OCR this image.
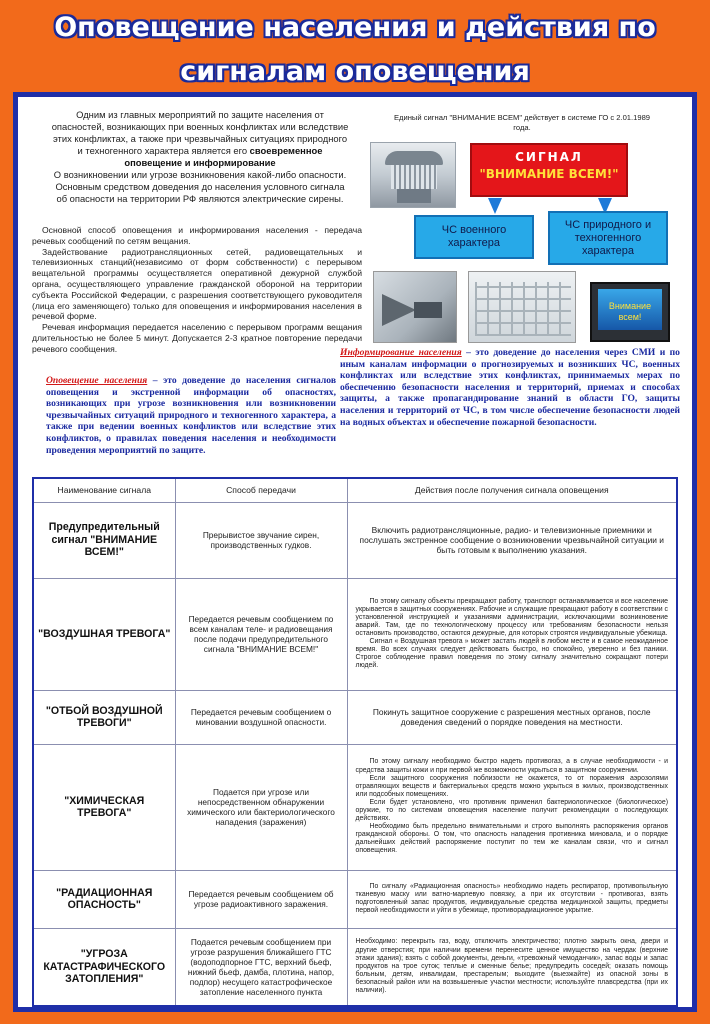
Оповещение населения и действия по
сигналам оповещения
Одним из главных мероприятий по защите населения от опасностей, возникающих при военных конфликтах или вследствие этих конфликтах, а также при чрезвычайных ситуациях природного и техногенного характера является его своевременное оповещение и информирование
О возникновении или угрозе возникновения какой-либо опасности. Основным средством доведения до населения условного сигнала об опасности на территории РФ являются электрические сирены.

Основной способ оповещения и информирования населения - передача речевых сообщений по сетям вещания.

Задействование радиотрансляционных сетей, радиовещательных и телевизионных станций(независимо от форм собственности) с перерывом вещательной программы осуществляется оперативной дежурной службой органа, осуществляющего управление гражданской обороной на территории субъекта Российской Федерации, с разрешения соответствующего руководителя (лица его заменяющего) только для оповещения и информирования населения в речевой форме.

Речевая информация передается населению с перерывом программ вещания длительностью не более 5 минут. Допускается 2-3 кратное повторение передачи речевого сообщения.

Единый сигнал "ВНИМАНИЕ ВСЕМ" действует в системе ГО с 2.01.1989 года.
СИГНАЛ
"ВНИМАНИЕ ВСЕМ!"
ЧС военного характера
ЧС природного и техногенного характера
Внимание всем!
Оповещение населения – это доведение до населения сигналов оповещения и экстренной информации об опасностях, возникающих при угрозе возникновения или возникновении чрезвычайных ситуаций природного и техногенного характера, а также при ведении военных конфликтов или вследствие этих конфликтов, о правилах поведения населения и необходимости проведения мероприятий по защите.
Информирование населения – это доведение до населения через СМИ и по иным каналам информации о прогнозируемых и возникших ЧС, военных конфликтах или вследствие этих конфликтах, принимаемых мерах по обеспечению безопасности населения и территорий, приемах и способах защиты, а также пропагандирование знаний в области ГО, защиты населения и территорий от ЧС, в том числе обеспечение безопасности людей на водных объектах и обеспечение пожарной безопасности.
Наименование сигнала	Способ передачи	Действия после получения сигнала оповещения
Предупредительный сигнал "ВНИМАНИЕ ВСЕМ!"	Прерывистое звучание сирен, производственных гудков.	Включить радиотрансляционные, радио- и телевизионные приемники и послушать экстренное сообщение о возникновении чрезвычайной ситуации и быть готовым к выполнению указания.

"ВОЗДУШНАЯ ТРЕВОГА"	Передается речевым сообщением по всем каналам теле- и радиовещания после подачи предупредительного сигнала "ВНИМАНИЕ ВСЕМ!"	По этому сигналу объекты прекращают работу, транспорт останавливается и все население укрывается в защитных сооружениях. Рабочие и служащие прекращают работу в соответствии с установленной инструкцией и указаниями администрации, исключающими возникновение аварий. Там, где по технологическому процессу или требованиям безопасности нельзя остановить производство, остаются дежурные, для которых строятся индивидуальные убежища.

Сигнал « Воздушная тревога » может застать людей в любом месте и в самое неожиданное время. Во всех случаях следует действовать быстро, но спокойно, уверенно и без паники. Строгое соблюдение правил поведения по этому сигналу значительно сокращают потери людей.

"ОТБОЙ ВОЗДУШНОЙ ТРЕВОГИ"	Передается речевым сообщением о миновании воздушной опасности.	Покинуть защитное сооружение с разрешения местных органов, после доведения сведений о порядке поведения на местности.

"ХИМИЧЕСКАЯ ТРЕВОГА"	Подается при угрозе или непосредственном обнаружении химического или бактериологического нападения (заражения)	По этому сигналу необходимо быстро надеть противогаз, а в случае необходимости - и средства защиты кожи и при первой же возможности укрыться в защитном сооружении.

Если защитного сооружения поблизости не окажется, то от поражения аэрозолями отравляющих веществ и бактериальных средств можно укрыться в жилых, производственных или подсобных помещениях.

Если будет установлено, что противник применил бактериологическое (биологическое) оружие, то по системам оповещения население получит рекомендации о последующих действиях.

Необходимо быть предельно внимательными и строго выполнять распоряжения органов гражданской обороны. О том, что опасность нападения противника миновала, и о порядке дальнейших действий распоряжение поступит по тем же каналам связи, что и сигнал оповещения.

"РАДИАЦИОННАЯ ОПАСНОСТЬ"	Передается речевым сообщением об угрозе радиоактивного заражения.	По сигналу «Радиационная опасность» необходимо надеть респиратор, противопыльную тканевую маску или ватно-марлевую повязку, а при их отсутствии - противогаз, взять подготовленный запас продуктов, индивидуальные средства медицинской защиты, предметы первой необходимости и уйти в убежище, противорадиационное укрытие.

"УГРОЗА КАТАСТРАФИЧЕСКОГО ЗАТОПЛЕНИЯ"	Подается речевым сообщением при угрозе разрушения ближайшего ГТС (водоподпорное ГТС, верхний бьеф, нижний бьеф, дамба, плотина, напор, подпор) несущего катастрофическое затопление населенного пункта	Необходимо: перекрыть газ, воду, отключить электричество; плотно закрыть окна, двери и другие отверстия; при наличии времени перенесите ценное имущество на чердак (верхние этажи здания); взять с собой документы, деньги, «тревожный чемоданчик», запас воды и запас продуктов на трое суток; теплые и сменные белье; предупредить соседей; оказать помощь больным, детям, инвалидам, престарелым; выходите (выезжайте) из опасной зоны в безопасный район или на возвышенные участки местности; используйте плавсредства (при их наличии).
